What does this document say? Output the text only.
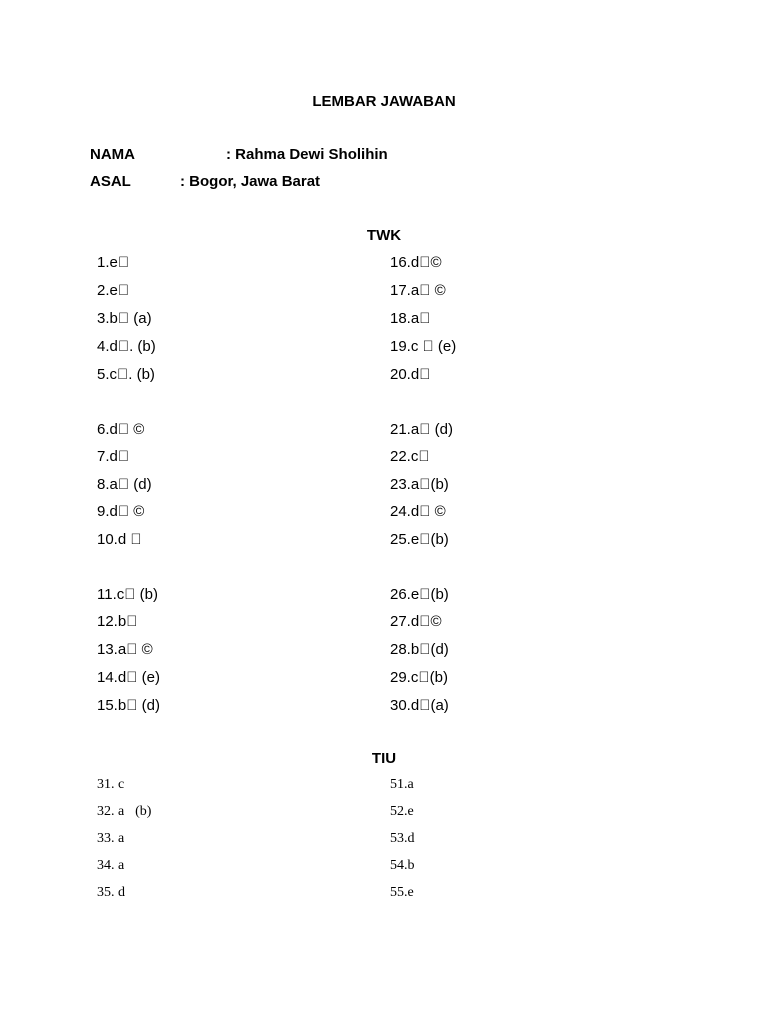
LEMBAR JAWABAN
NAMA	: Rahma Dewi Sholihin
ASAL	: Bogor, Jawa Barat
TWK
1.e
2.e
3.b (a)
4.d . (b)
5.c . (b)
6.d ©
7.d
8.a (d)
9.d ©
10.d
11.c (b)
12.b
13.a ©
14.d (e)
15.b (d)
16.d ©
17.a ©
18.a
19.c (e)
20.d
21.a (d)
22.c
23.a (b)
24.d ©
25.e (b)
26.e (b)
27.d ©
28.b (d)
29.c (b)
30.d (a)
TIU
31. c
32. a (b)
33. a
34. a
35. d
51.a
52.e
53.d
54.b
55.e
